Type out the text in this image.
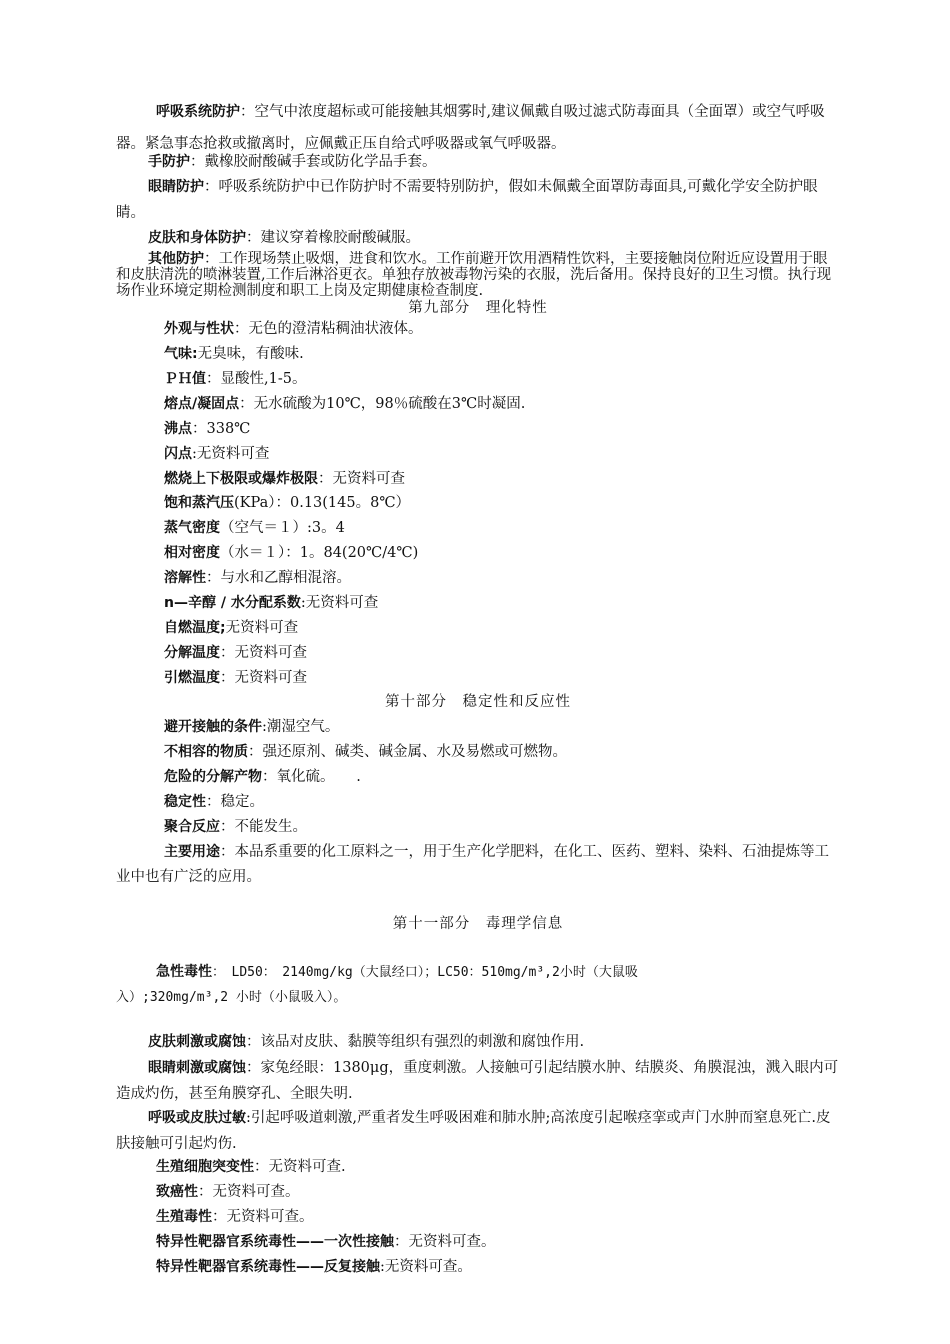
呼吸系统防护：空气中浓度超标或可能接触其烟雾时,建议佩戴自吸过滤式防毒面具（全面罩）或空气呼吸器。紧急事态抢救或撤离时，应佩戴正压自给式呼吸器或氧气呼吸器。
手防护：戴橡胶耐酸碱手套或防化学品手套。
眼睛防护：呼吸系统防护中已作防护时不需要特别防护，假如未佩戴全面罩防毒面具,可戴化学安全防护眼睛。
皮肤和身体防护：建议穿着橡胶耐酸碱服。
其他防护：工作现场禁止吸烟，进食和饮水。工作前避开饮用酒精性饮料，主要接触岗位附近应设置用于眼和皮肤清洗的喷淋装置,工作后淋浴更衣。单独存放被毒物污染的衣服，洗后备用。保持良好的卫生习惯。执行现场作业环境定期检测制度和职工上岗及定期健康检查制度.
第九部分　理化特性
外观与性状：无色的澄清粘稠油状液体。
气味:无臭味，有酸味.
ＰＨ值：显酸性,1-5。
熔点/凝固点：无水硫酸为10℃，98％硫酸在3℃时凝固.
沸点：338℃
闪点:无资料可查
燃烧上下极限或爆炸极限：无资料可查
饱和蒸汽压(KPa）：0.13(145。8℃）
蒸气密度（空气＝１）:3。4
相对密度（水＝１）：1。84(20℃/4℃)
溶解性：与水和乙醇相混溶。
n—辛醇 / 水分配系数:无资料可查
自燃温度;无资料可查
分解温度：无资料可查
引燃温度：无资料可查
第十部分　稳定性和反应性
避开接触的条件:潮湿空气。
不相容的物质：强还原剂、碱类、碱金属、水及易燃或可燃物。
危险的分解产物：氧化硫。　　.
稳定性：稳定。
聚合反应：不能发生。
主要用途：本品系重要的化工原料之一，用于生产化学肥料，在化工、医药、塑料、染料、石油提炼等工业中也有广泛的应用。
第十一部分　毒理学信息
急性毒性：　LD50：　2140mg/kg（大鼠经口）；LC50：510mg/m³,2小时（大鼠吸
入）;320mg/m³,2 小时（小鼠吸入）。
皮肤刺激或腐蚀：该品对皮肤、黏膜等组织有强烈的刺激和腐蚀作用.
眼睛刺激或腐蚀：家兔经眼：1380μg，重度刺激。人接触可引起结膜水肿、结膜炎、角膜混浊，溅入眼内可造成灼伤，甚至角膜穿孔、全眼失明.
呼吸或皮肤过敏:引起呼吸道刺激,严重者发生呼吸困难和肺水肿;高浓度引起喉痉挛或声门水肿而窒息死亡.皮肤接触可引起灼伤.
生殖细胞突变性：无资料可查.
致癌性：无资料可查。
生殖毒性：无资料可查。
特异性靶器官系统毒性——一次性接触：无资料可查。
特异性靶器官系统毒性——反复接触:无资料可查。
